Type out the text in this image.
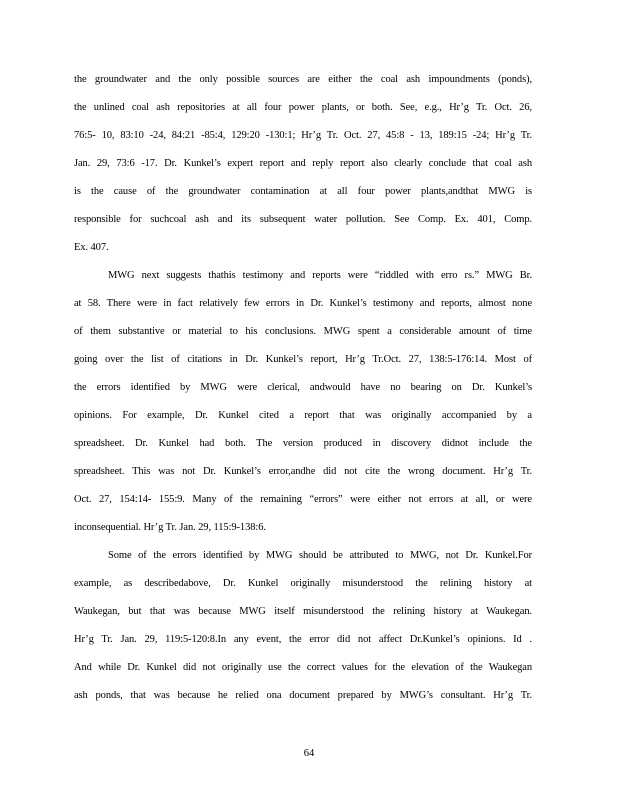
the groundwater and the only possible sources are either the coal ash impoundments (ponds),
the unlined coal ash repositories at all four power plants, or both. See, e.g., Hr’g Tr. Oct. 26,
76:5- 10, 83:10 -24, 84:21 -85:4, 129:20 -130:1; Hr’g Tr. Oct. 27, 45:8 - 13, 189:15 -24; Hr’g Tr.
Jan. 29, 73:6 -17. Dr. Kunkel’s expert report and reply report also clearly conclude that coal ash
is the cause of the groundwater contamination at all four power plants,andthat MWG is
responsible for suchcoal ash and its subsequent water pollution. See Comp. Ex. 401, Comp.
Ex. 407.
MWG next suggests thathis testimony and reports were “riddled with erro rs.” MWG Br.
at 58. There were in fact relatively few errors in Dr. Kunkel’s testimony and reports, almost none
of them substantive or material to his conclusions. MWG spent a considerable amount of time
going over the list of citations in Dr. Kunkel’s report, Hr’g Tr.Oct. 27, 138:5-176:14. Most of
the errors identified by MWG were clerical, andwould have no bearing on Dr. Kunkel’s
opinions. For example, Dr. Kunkel cited a report that was originally accompanied by a
spreadsheet. Dr. Kunkel had both. The version produced in discovery didnot include the
spreadsheet. This was not Dr. Kunkel’s error,andhe did not cite the wrong document. Hr’g Tr.
Oct. 27, 154:14- 155:9. Many of the remaining “errors” were either not errors at all, or were
inconsequential. Hr’g Tr. Jan. 29, 115:9-138:6.
Some of the errors identified by MWG should be attributed to MWG, not Dr. Kunkel.For
example, as describedabove, Dr. Kunkel originally misunderstood the relining history at
Waukegan, but that was because MWG itself misunderstood the relining history at Waukegan.
Hr’g Tr. Jan. 29, 119:5-120:8.In any event, the error did not affect Dr.Kunkel’s opinions. Id .
And while Dr. Kunkel did not originally use the correct values for the elevation of the Waukegan
ash ponds, that was because he relied ona document prepared by MWG’s consultant. Hr’g Tr.
64
